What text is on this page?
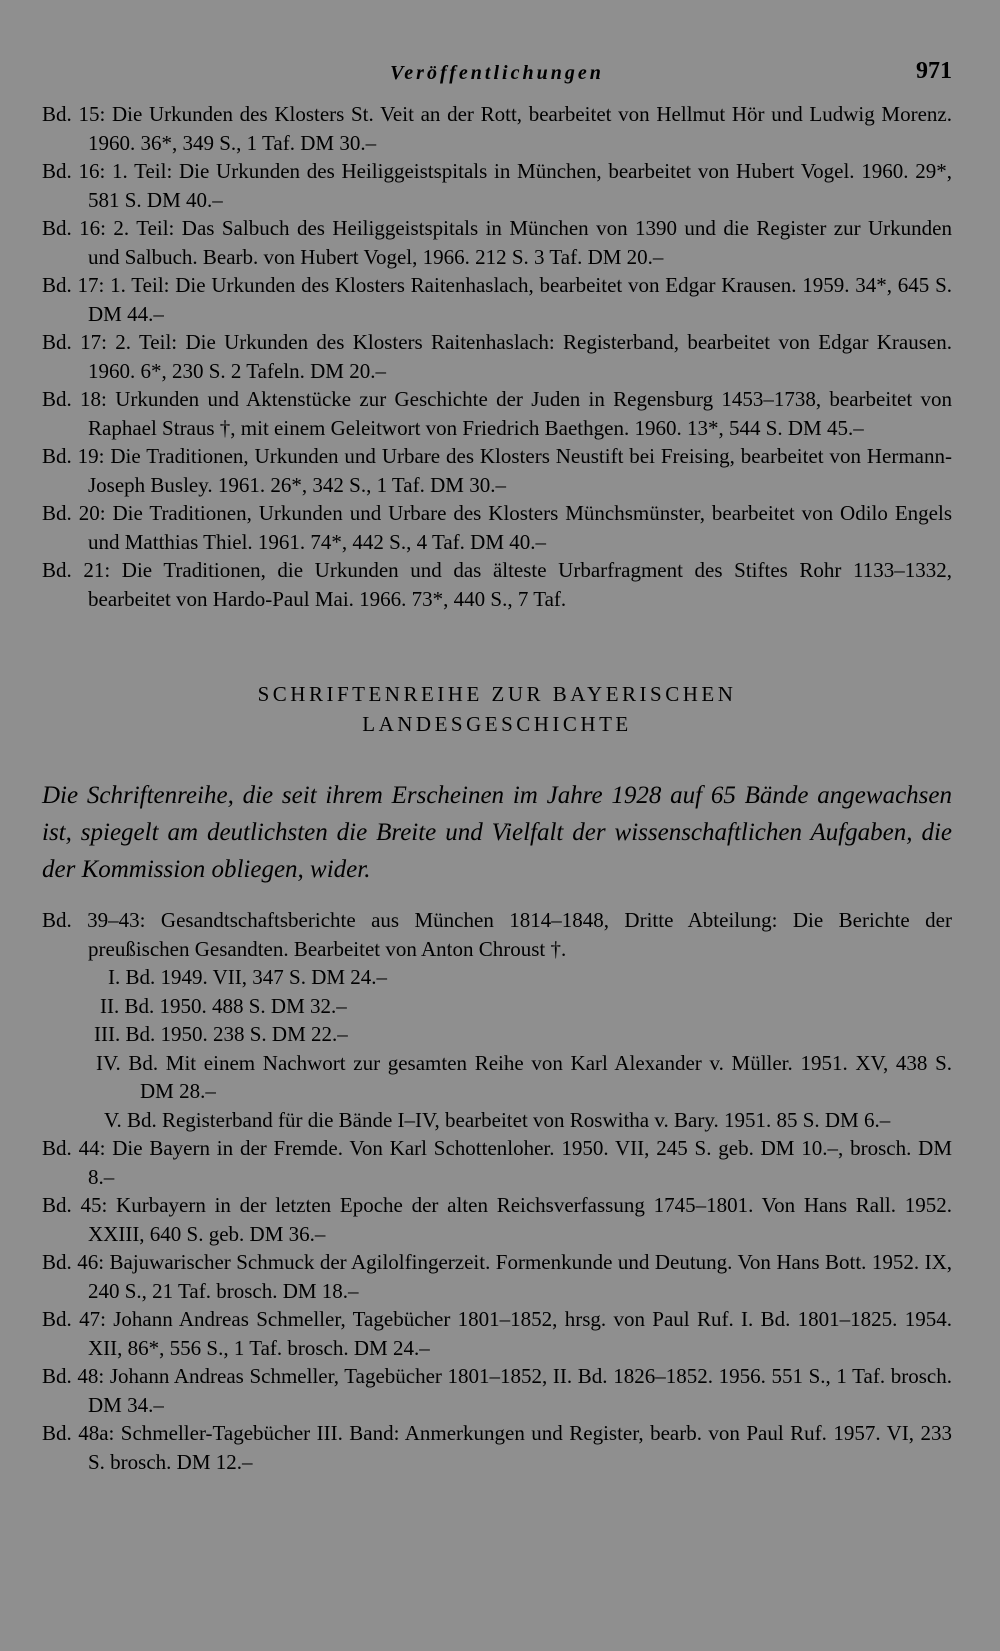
Veröffentlichungen	971

Bd. 15: Die Urkunden des Klosters St. Veit an der Rott, bearbeitet von Hellmut Hör und Ludwig Morenz. 1960. 36*, 349 S., 1 Taf. DM 30.–

Bd. 16: 1. Teil: Die Urkunden des Heiliggeistspitals in München, bearbeitet von Hubert Vogel. 1960. 29*, 581 S. DM 40.–

Bd. 16: 2. Teil: Das Salbuch des Heiliggeistspitals in München von 1390 und die Register zur Urkunden und Salbuch. Bearb. von Hubert Vogel, 1966. 212 S. 3 Taf. DM 20.–

Bd. 17: 1. Teil: Die Urkunden des Klosters Raitenhaslach, bearbeitet von Edgar Krausen. 1959. 34*, 645 S. DM 44.–

Bd. 17: 2. Teil: Die Urkunden des Klosters Raitenhaslach: Registerband, bearbeitet von Edgar Krausen. 1960. 6*, 230 S. 2 Tafeln. DM 20.–

Bd. 18: Urkunden und Aktenstücke zur Geschichte der Juden in Regensburg 1453–1738, bearbeitet von Raphael Straus †, mit einem Geleitwort von Friedrich Baethgen. 1960. 13*, 544 S. DM 45.–

Bd. 19: Die Traditionen, Urkunden und Urbare des Klosters Neustift bei Freising, bearbeitet von Hermann-Joseph Busley. 1961. 26*, 342 S., 1 Taf. DM 30.–

Bd. 20: Die Traditionen, Urkunden und Urbare des Klosters Münchsmünster, bearbeitet von Odilo Engels und Matthias Thiel. 1961. 74*, 442 S., 4 Taf. DM 40.–

Bd. 21: Die Traditionen, die Urkunden und das älteste Urbarfragment des Stiftes Rohr 1133–1332, bearbeitet von Hardo-Paul Mai. 1966. 73*, 440 S., 7 Taf.

SCHRIFTENREIHE ZUR BAYERISCHEN

LANDESGESCHICHTE

Die Schriftenreihe, die seit ihrem Erscheinen im Jahre 1928 auf 65 Bände angewachsen ist, spiegelt am deutlichsten die Breite und Vielfalt der wissenschaftlichen Aufgaben, die der Kommission obliegen, wider.

Bd. 39–43: Gesandtschaftsberichte aus München 1814–1848, Dritte Abteilung: Die Berichte der preußischen Gesandten. Bearbeitet von Anton Chroust †.

I. Bd. 1949. VII, 347 S. DM 24.–

II. Bd. 1950. 488 S. DM 32.–

III. Bd. 1950. 238 S. DM 22.–

IV. Bd. Mit einem Nachwort zur gesamten Reihe von Karl Alexander v. Müller. 1951. XV, 438 S. DM 28.–

V. Bd. Registerband für die Bände I–IV, bearbeitet von Roswitha v. Bary. 1951. 85 S. DM 6.–

Bd. 44: Die Bayern in der Fremde. Von Karl Schottenloher. 1950. VII, 245 S. geb. DM 10.–, brosch. DM 8.–

Bd. 45: Kurbayern in der letzten Epoche der alten Reichsverfassung 1745–1801. Von Hans Rall. 1952. XXIII, 640 S. geb. DM 36.–

Bd. 46: Bajuwarischer Schmuck der Agilolfingerzeit. Formenkunde und Deutung. Von Hans Bott. 1952. IX, 240 S., 21 Taf. brosch. DM 18.–

Bd. 47: Johann Andreas Schmeller, Tagebücher 1801–1852, hrsg. von Paul Ruf. I. Bd. 1801–1825. 1954. XII, 86*, 556 S., 1 Taf. brosch. DM 24.–

Bd. 48: Johann Andreas Schmeller, Tagebücher 1801–1852, II. Bd. 1826–1852. 1956. 551 S., 1 Taf. brosch. DM 34.–

Bd. 48a: Schmeller-Tagebücher III. Band: Anmerkungen und Register, bearb. von Paul Ruf. 1957. VI, 233 S. brosch. DM 12.–
